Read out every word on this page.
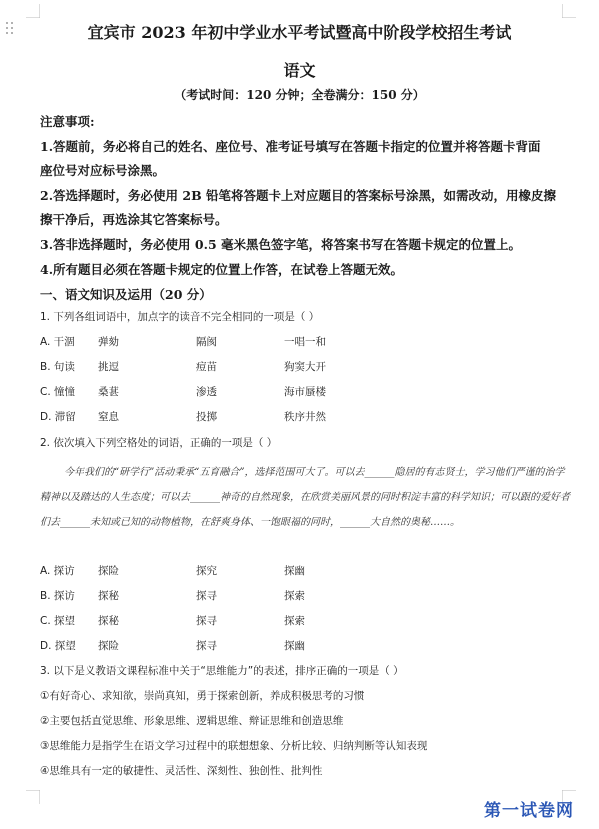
宜宾市 2023 年初中学业水平考试暨高中阶段学校招生考试
语文
（考试时间：120 分钟；全卷满分：150 分）
注意事项:
1.答题前，务必将自己的姓名、座位号、准考证号填写在答题卡指定的位置并将答题卡背面
座位号对应标号涂黑。
2.答选择题时，务必使用 2B 铅笔将答题卡上对应题目的答案标号涂黑，如需改动，用橡皮擦
擦干净后，再选涂其它答案标号。
3.答非选择题时，务必使用 0.5 毫米黑色签字笔，将答案书写在答题卡规定的位置上。
4.所有题目必须在答题卡规定的位置上作答，在试卷上答题无效。
一、语文知识及运用（20 分）
1. 下列各组词语中，加点字的读音不完全相同的一项是（ ）
A. 干涸 弹劾	隔阂	一唱一和
B. 句读 挑逗	痘苗	狗窦大开
C. 憧憧 桑葚	渗透	海市蜃楼
D. 滞留 窒息	投掷	秩序井然
2. 依次填入下列空格处的词语，正确的一项是（ ）
今年我们的“研学行”活动秉承“五育融合”，选择范围可大了。可以去______隐居的有志贤士，学习他们严谨的治学精神以及踏达的人生态度；可以去______神奇的自然现象，在欣赏美丽风景的同时积淀丰富的科学知识；可以跟的爱好者们去______未知或已知的动物植物，在舒爽身体、一饱眼福的同时，______大自然的奥秘……。
A. 探访 探险	探究	探幽
B. 探访 探秘	探寻	探索
C. 探望 探秘	探寻	探索
D. 探望 探险	探寻	探幽
3. 以下是义教语文课程标准中关于“思维能力”的表述，排序正确的一项是（ ）
①有好奇心、求知欲，崇尚真知，勇于探索创新，养成积极思考的习惯
②主要包括直觉思维、形象思维、逻辑思维、辩证思维和创造思维
③思维能力是指学生在语文学习过程中的联想想象、分析比较、归纳判断等认知表现
④思维具有一定的敏捷性、灵活性、深刻性、独创性、批判性
第一试卷网
